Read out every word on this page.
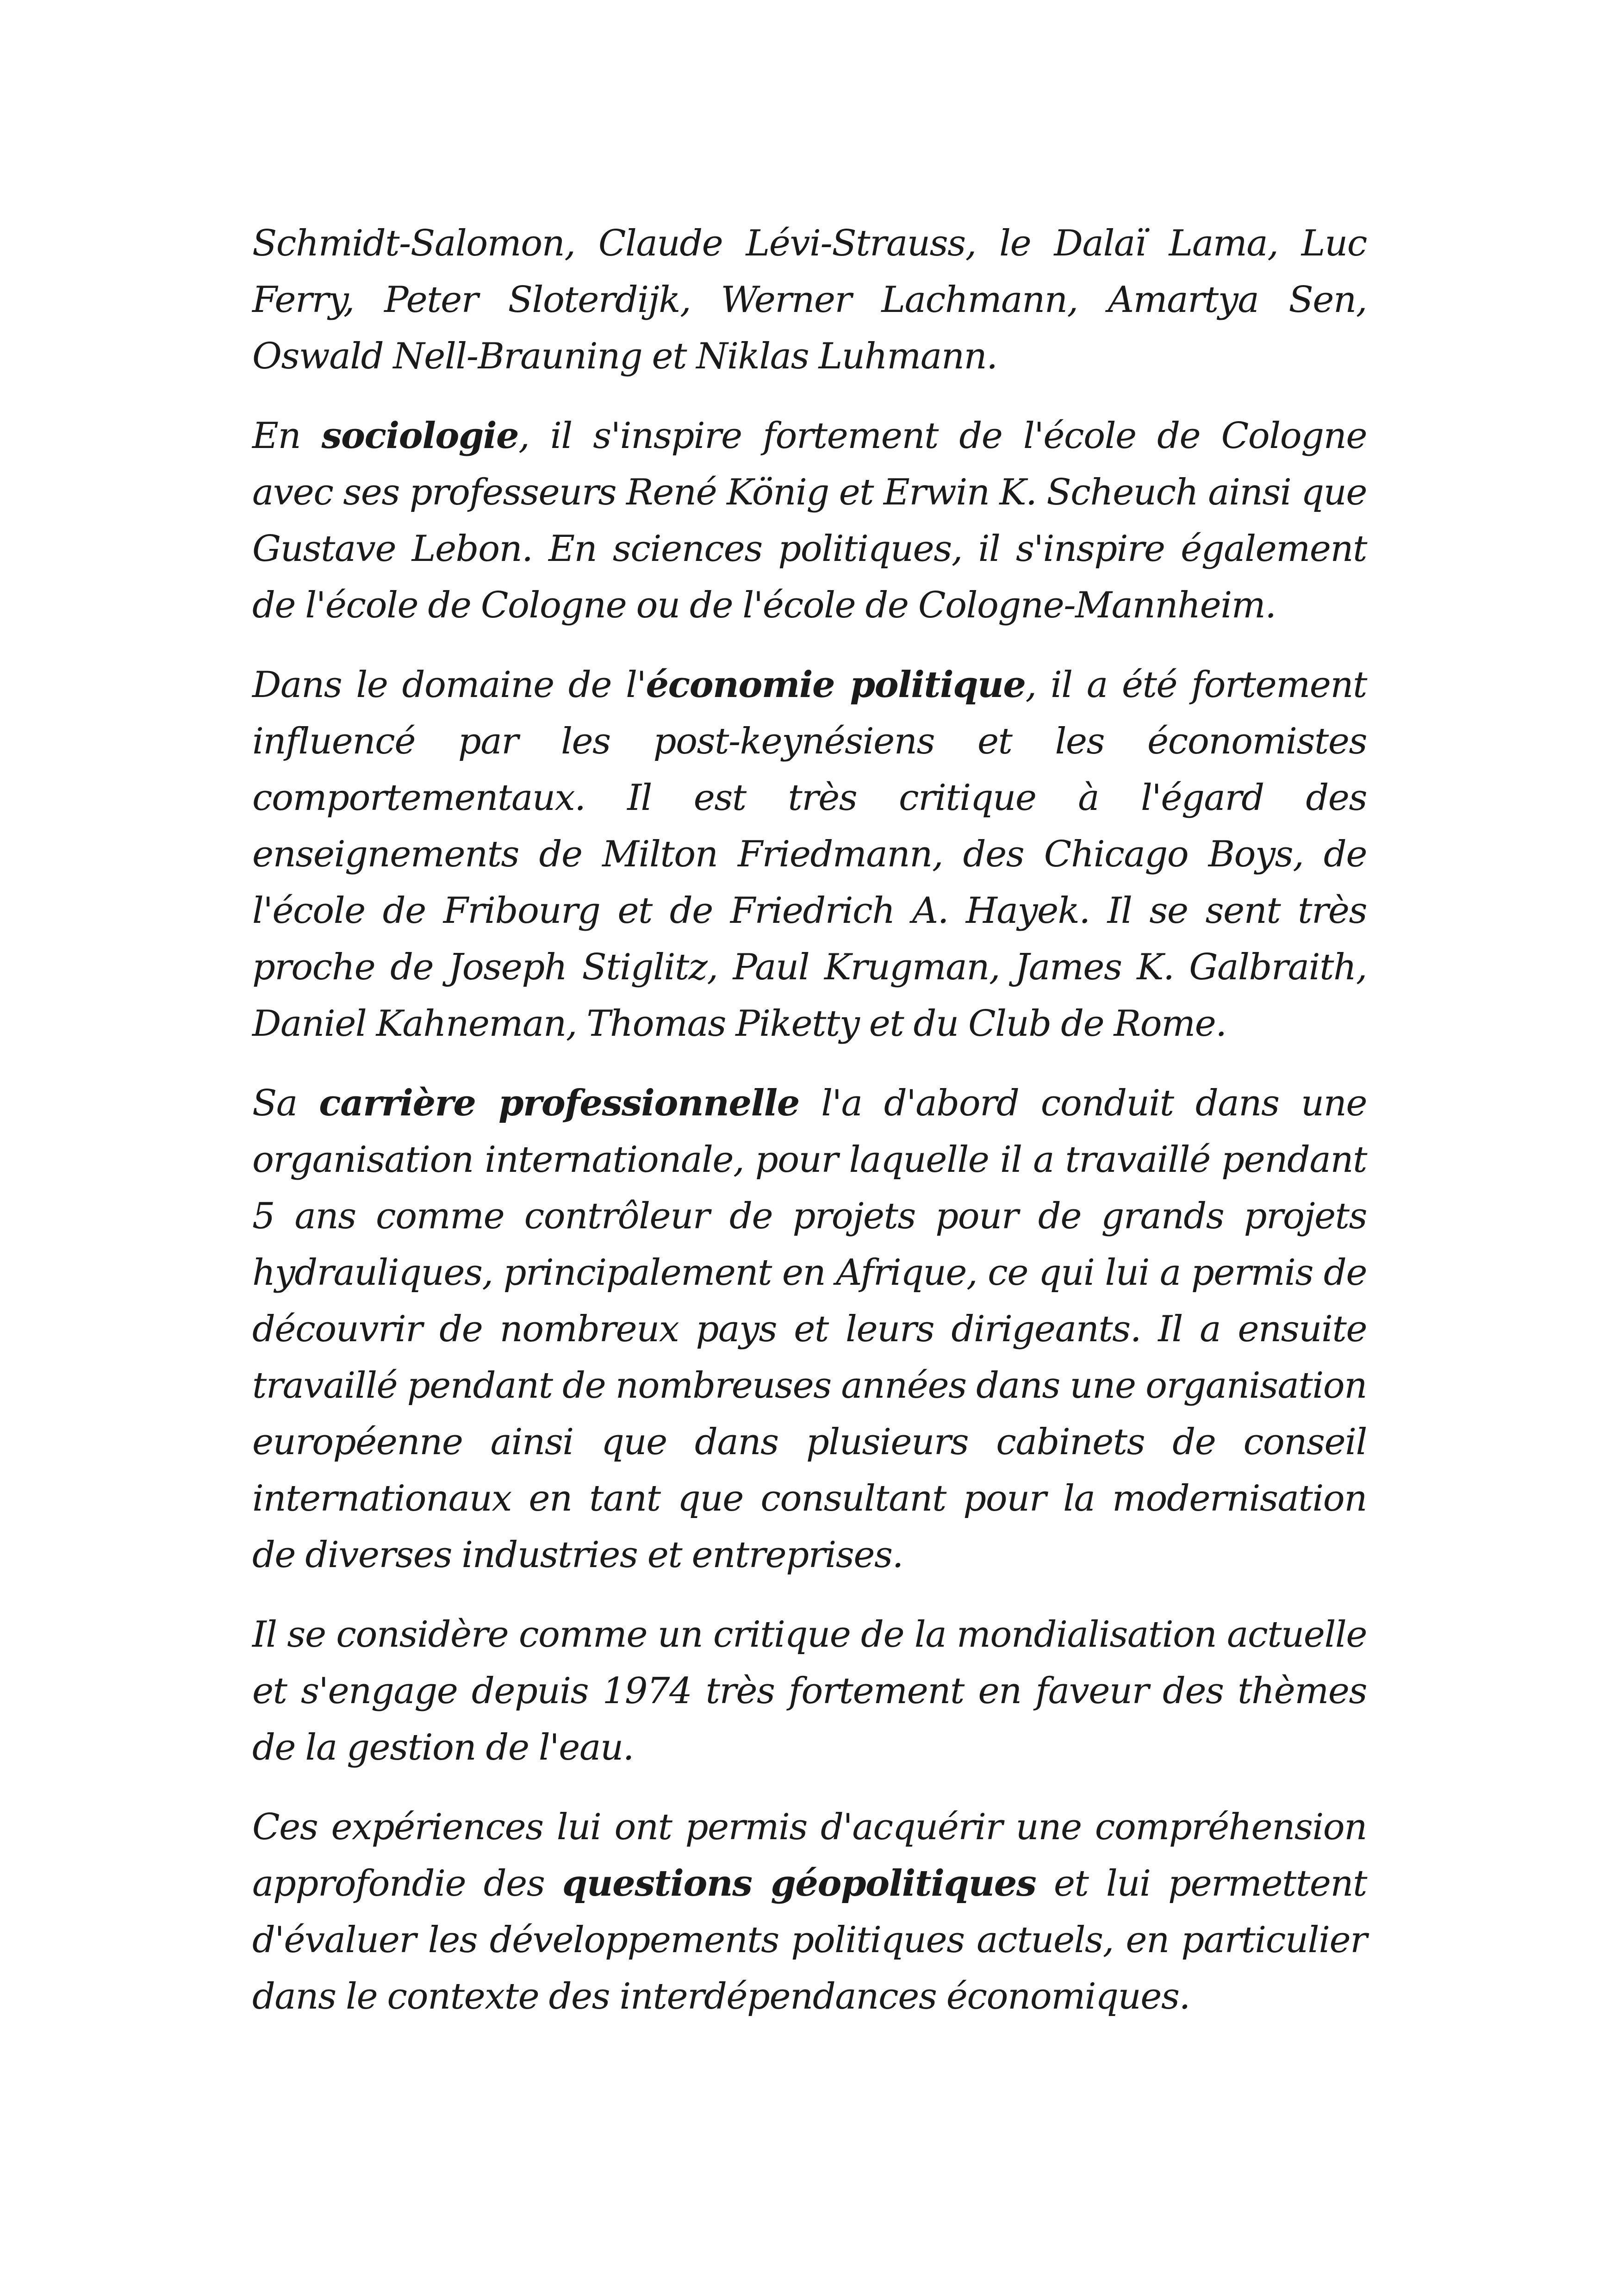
Schmidt-Salomon, Claude Lévi-Strauss, le Dalaï Lama, Luc Ferry, Peter Sloterdijk, Werner Lachmann, Amartya Sen, Oswald Nell-Brauning et Niklas Luhmann.

En sociologie, il s'inspire fortement de l'école de Cologne avec ses professeurs René König et Erwin K. Scheuch ainsi que Gustave Lebon. En sciences politiques, il s'inspire également de l'école de Cologne ou de l'école de Cologne-Mannheim.

Dans le domaine de l'économie politique, il a été fortement influencé par les post-keynésiens et les économistes comportementaux. Il est très critique à l'égard des enseignements de Milton Friedmann, des Chicago Boys, de l'école de Fribourg et de Friedrich A. Hayek. Il se sent très proche de Joseph Stiglitz, Paul Krugman, James K. Galbraith, Daniel Kahneman, Thomas Piketty et du Club de Rome.

Sa carrière professionnelle l'a d'abord conduit dans une organisation internationale, pour laquelle il a travaillé pendant 5 ans comme contrôleur de projets pour de grands projets hydrauliques, principalement en Afrique, ce qui lui a permis de découvrir de nombreux pays et leurs dirigeants. Il a ensuite travaillé pendant de nombreuses années dans une organisation européenne ainsi que dans plusieurs cabinets de conseil internationaux en tant que consultant pour la modernisation de diverses industries et entreprises.

Il se considère comme un critique de la mondialisation actuelle et s'engage depuis 1974 très fortement en faveur des thèmes de la gestion de l'eau.

Ces expériences lui ont permis d'acquérir une compréhension approfondie des questions géopolitiques et lui permettent d'évaluer les développements politiques actuels, en particulier dans le contexte des interdépendances économiques.
